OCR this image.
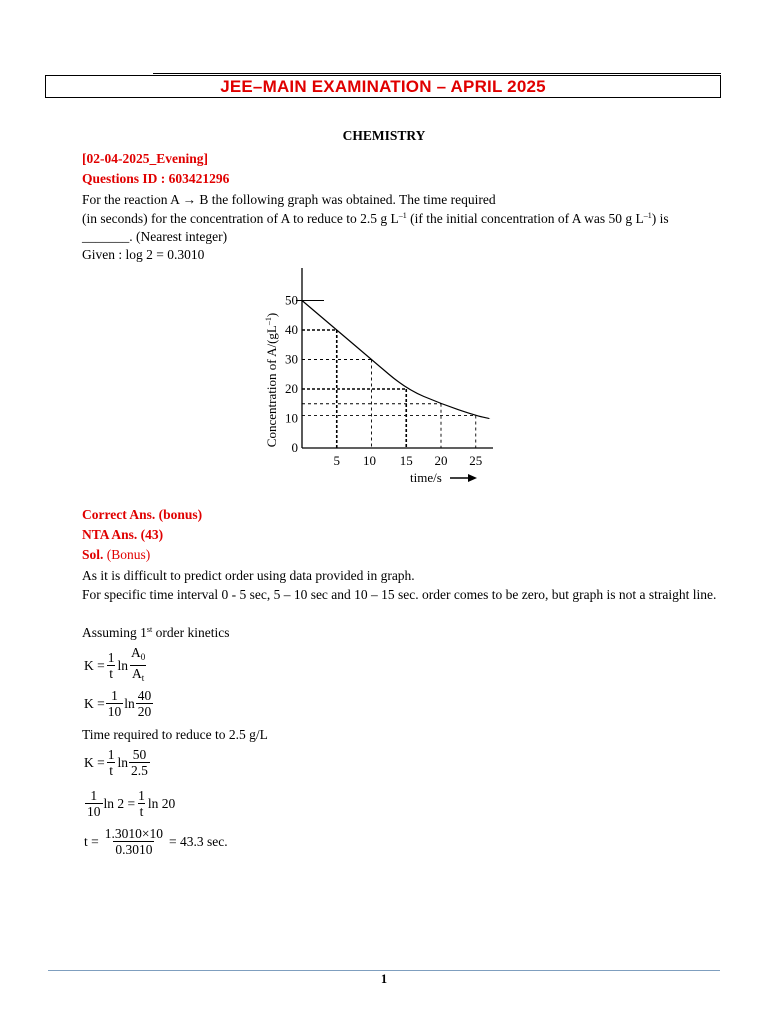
JEE–MAIN EXAMINATION – APRIL 2025
CHEMISTRY
[02-04-2025_Evening]
Questions ID : 603421296
For the reaction A → B the following graph was obtained. The time required
(in seconds) for the concentration of A to reduce to 2.5 g $L^{-1}$ (if the initial concentration of A was 50 g $L^{-1}$) is
_______. (Nearest integer)
Given : log 2 = 0.3010
5 10 15 20 25
0
10
20
30
40
50
Concentration of $A/(gL^{-1})$
time/s
Correct Ans. (bonus)
NTA Ans. (43)
Sol. (Bonus)
As it is difficult to predict order using data provided in graph.
For specific time interval 0 - 5 sec, 5 – 10 sec and 10 – 15 sec. order comes to be zero, but graph is not a straight line.
Assuming 1st order kinetics
$K = \frac{1}{t}$ $\ln \frac{A_0}{A_t}$
$K = \frac{1}{10}$ $\ln \frac{40}{20}$
Time required to reduce to 2.5 g/L
$K = \frac{1}{t}$ $\ln \frac{50}{2.5}$
$\frac{1}{10}$ $\ln 2 = \frac{1}{t}$ ln 20
$t = \frac{1.3010\times 10}{0.3010} = 43.3$ sec.
1
